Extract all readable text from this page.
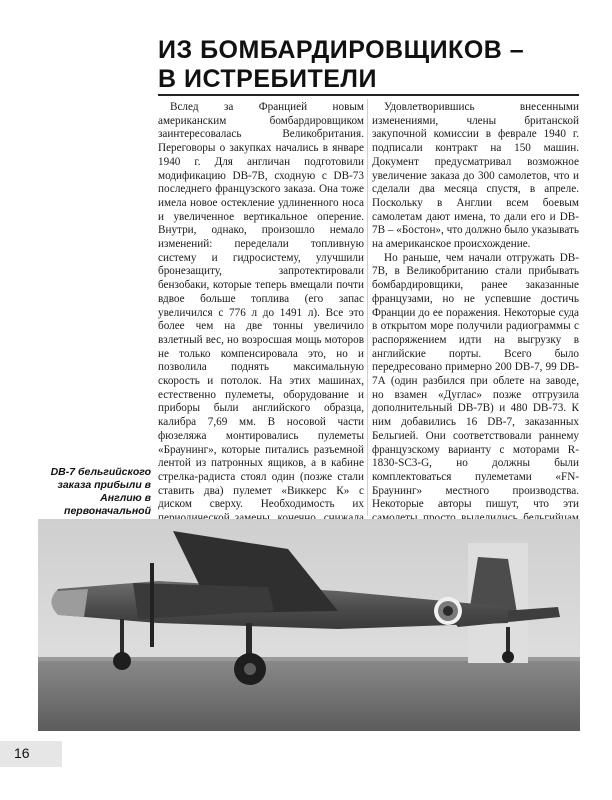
ИЗ БОМБАРДИРОВЩИКОВ –
В ИСТРЕБИТЕЛИ

Вслед за Францией новым американским бомбардировщиком заинтересовалась Великобритания. Переговоры о закупках начались в январе 1940 г. Для англичан подготовили модификацию DB-7B, сходную с DB-73 последнего французского заказа. Она тоже имела новое остекление удлиненного носа и увеличенное вертикальное оперение. Внутри, однако, произошло немало изменений: переделали топливную систему и гидросистему, улучшили бронезащиту, запротектировали бензобаки, которые теперь вмещали почти вдвое больше топлива (его запас увеличился с 776 л до 1491 л). Все это более чем на две тонны увеличило взлетный вес, но возросшая мощь моторов не только компенсировала это, но и позволила поднять максимальную скорость и потолок. На этих машинах, естественно пулеметы, оборудование и приборы были английского образца, калибра 7,69 мм. В носовой части фюзеляжа монтировались пулеметы «Браунинг», которые питались разъемной лентой из патронных ящиков, а в кабине стрелка-радиста стоял один (позже стали ставить два) пулемет «Виккерс К» с диском сверху. Необходимость их

Удовлетворившись внесенными изменениями, члены британской закупочной комиссии в феврале 1940 г. подписали контракт на 150 машин. Документ предусматривал возможное увеличение заказа до 300 самолетов, что и сделали два месяца спустя, в апреле. Поскольку в Англии всем боевым самолетам дают имена, то дали его и DB-7B – «Бостон», что должно было указывать на американское происхождение.

Но раньше, чем начали отгружать DB-7B, в Великобританию стали прибывать бомбардировщики, ранее заказанные французами, но не успевшие достичь Франции до ее поражения. Некоторые суда в открытом море получили радиограммы с распоряжением идти на выгрузку в английские порты. Всего было передресовано примерно 200 DB-7, 99 DB-7А (один разбился при облете на заводе, но взамен «Дуглас» позже отгрузила дополнительный DB-7B) и 480 DB-73. К ним добавились 16 DB-7, заказанных Бельгией. Они соответствовали раннему французскому варианту с моторами R-1830-SC3-G, но должны были комплектоваться пулеметами «FN-Браунинг» местного производства. Некоторые авторы пишут, что эти

DB-7 бельгийского заказа прибыли в Англию в первоначальной
16
